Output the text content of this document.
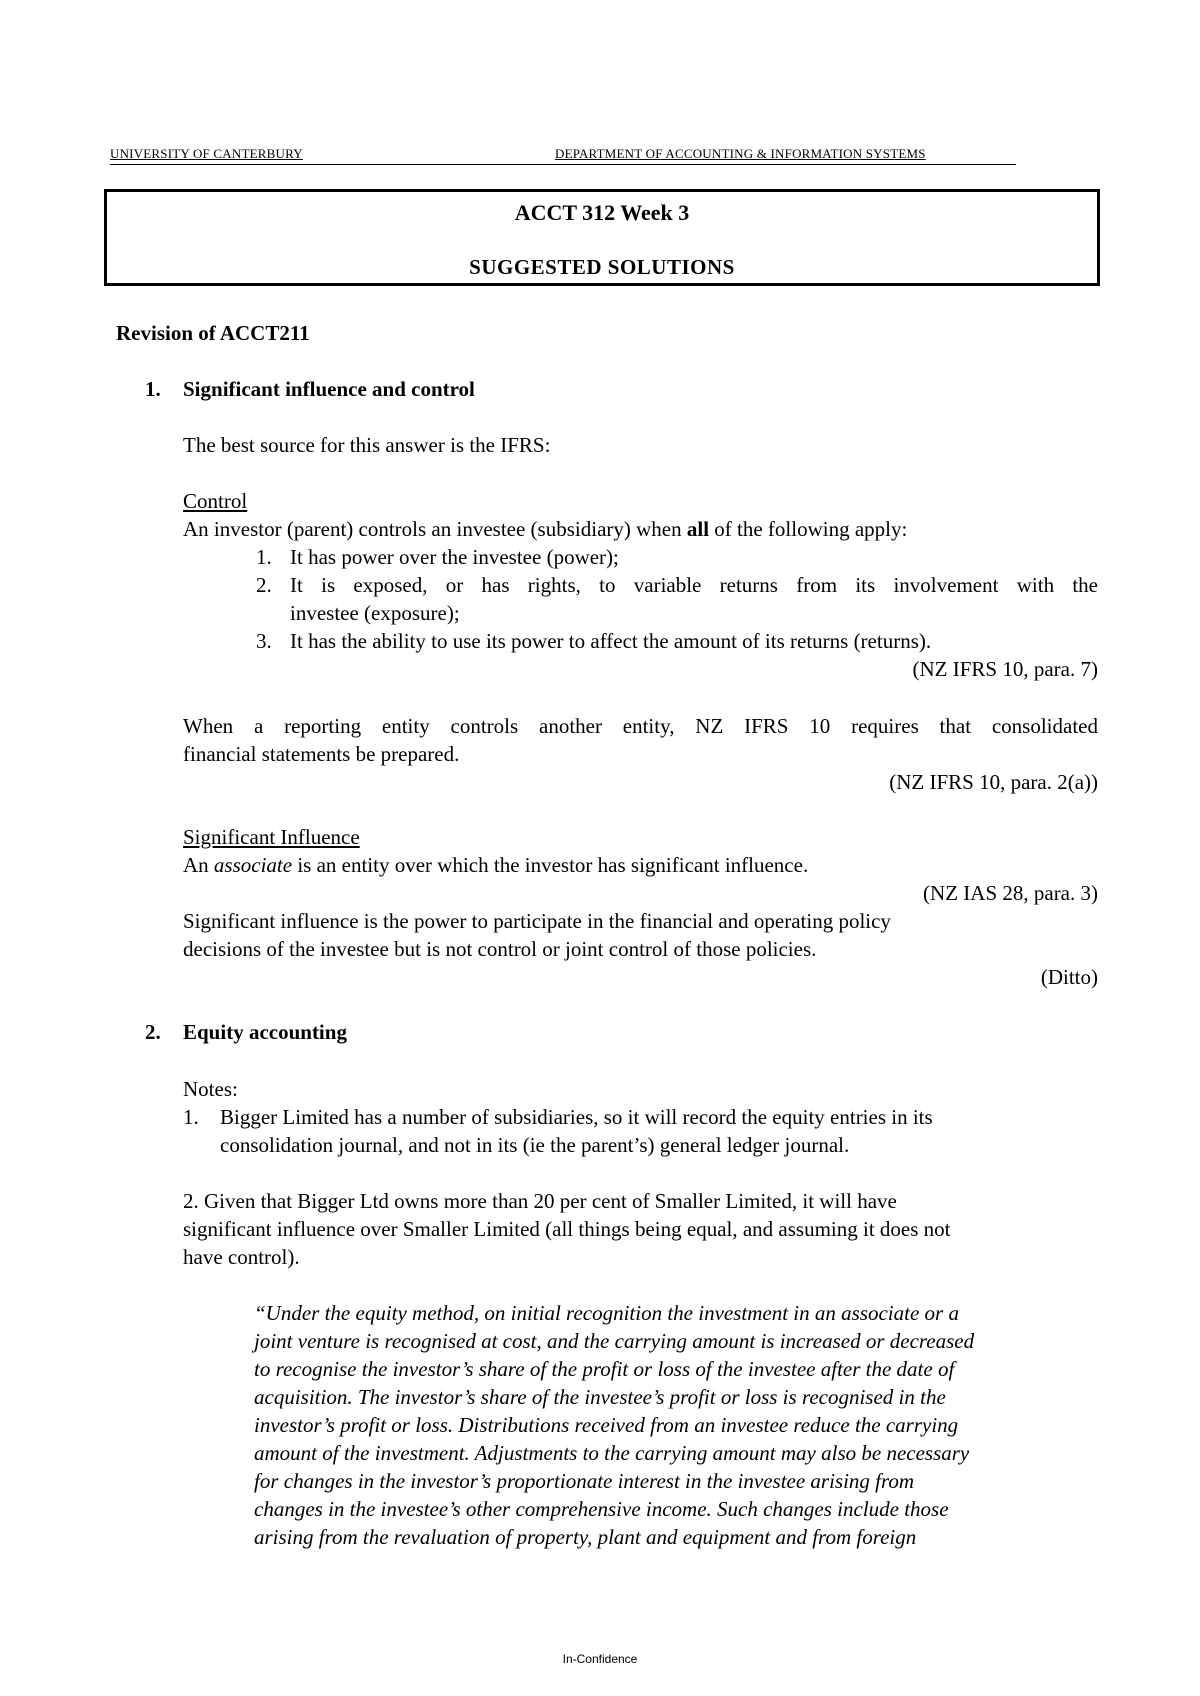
UNIVERSITY OF CANTERBURY	DEPARTMENT OF ACCOUNTING & INFORMATION SYSTEMS
ACCT 312 Week 3
SUGGESTED SOLUTIONS
Revision of ACCT211
1. Significant influence and control
The best source for this answer is the IFRS:
Control
An investor (parent) controls an investee (subsidiary) when all of the following apply:
1. It has power over the investee (power);
2. It is exposed, or has rights, to variable returns from its involvement with the
investee (exposure);
3. It has the ability to use its power to affect the amount of its returns (returns).
(NZ IFRS 10, para. 7)
When a reporting entity controls another entity, NZ IFRS 10 requires that consolidated
financial statements be prepared.
(NZ IFRS 10, para. 2(a))
Significant Influence
An associate is an entity over which the investor has significant influence.
(NZ IAS 28, para. 3)
Significant influence is the power to participate in the financial and operating policy
decisions of the investee but is not control or joint control of those policies.
(Ditto)
2. Equity accounting
Notes:
1. Bigger Limited has a number of subsidiaries, so it will record the equity entries in its
consolidation journal, and not in its (ie the parent’s) general ledger journal.
2. Given that Bigger Ltd owns more than 20 per cent of Smaller Limited, it will have
significant influence over Smaller Limited (all things being equal, and assuming it does not
have control).
“Under the equity method, on initial recognition the investment in an associate or a
joint venture is recognised at cost, and the carrying amount is increased or decreased
to recognise the investor’s share of the profit or loss of the investee after the date of
acquisition. The investor’s share of the investee’s profit or loss is recognised in the
investor’s profit or loss. Distributions received from an investee reduce the carrying
amount of the investment. Adjustments to the carrying amount may also be necessary
for changes in the investor’s proportionate interest in the investee arising from
changes in the investee’s other comprehensive income. Such changes include those
arising from the revaluation of property, plant and equipment and from foreign
In-Confidence
